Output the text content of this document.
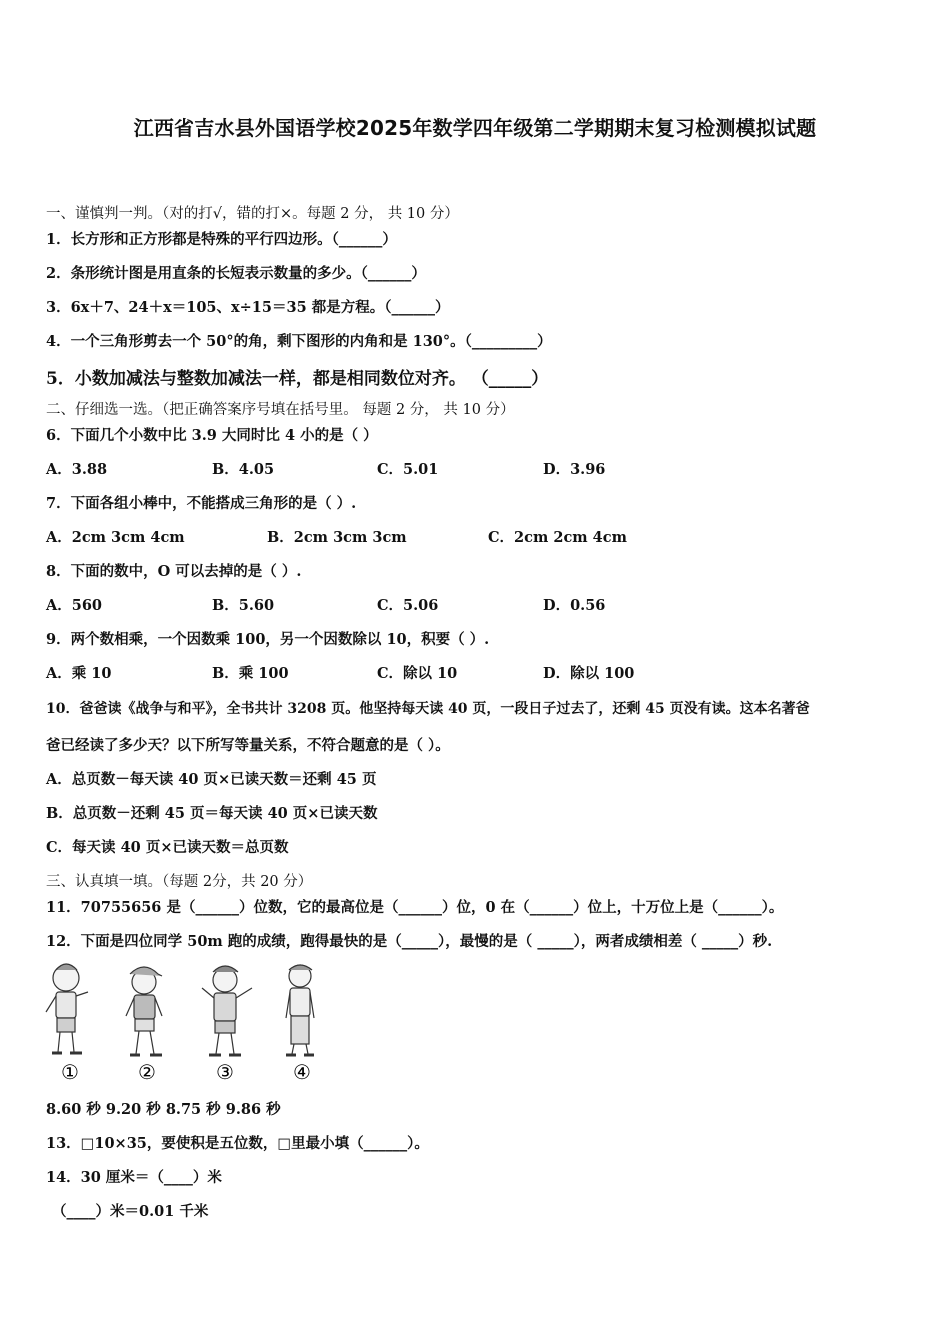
江西省吉水县外国语学校2025年数学四年级第二学期期末复习检测模拟试题
一、谨慎判一判。（对的打√，错的打×。每题 2 分， 共 10 分）
1．长方形和正方形都是特殊的平行四边形。（______）
2．条形统计图是用直条的长短表示数量的多少。（______）
3．6x＋7、24＋x＝105、x÷15＝35 都是方程。（______）
4．一个三角形剪去一个 50°的角，剩下图形的内角和是 130°。（_________）
5．小数加减法与整数加减法一样，都是相同数位对齐。 （_____）
二、仔细选一选。（把正确答案序号填在括号里。 每题 2 分， 共 10 分）
6．下面几个小数中比 3.9 大同时比 4 小的是（ ）
A．3.88	B．4.05	C．5.01	D．3.96
7．下面各组小棒中，不能搭成三角形的是（ ）.
A．2cm 3cm 4cm	B．2cm 3cm 3cm	C．2cm 2cm 4cm
8．下面的数中，O 可以去掉的是（ ）.
A．560	B．5.60	C．5.06	D．0.56
9．两个数相乘，一个因数乘 100，另一个因数除以 10，积要（ ）.
A．乘 10	B．乘 100	C．除以 10	D．除以 100
10．爸爸读《战争与和平》，全书共计 3208 页。他坚持每天读 40 页，一段日子过去了，还剩 45 页没有读。这本名著爸
爸已经读了多少天？以下所写等量关系，不符合题意的是（ ）。
A．总页数－每天读 40 页×已读天数＝还剩 45 页
B．总页数－还剩 45 页＝每天读 40 页×已读天数
C．每天读 40 页×已读天数＝总页数
三、认真填一填。（每题 2分，共 20 分）
11．70755656 是（______）位数，它的最高位是（______）位，0 在（______）位上，十万位上是（______）。
12．下面是四位同学 50m 跑的成绩，跑得最快的是（_____），最慢的是（ _____），两者成绩相差（ _____）秒.
①	②	③	④
8.60 秒 9.20 秒 8.75 秒 9.86 秒
13．□10×35，要使积是五位数，□里最小填（______）。
14．30 厘米＝（____）米
（____）米＝0.01 千米
